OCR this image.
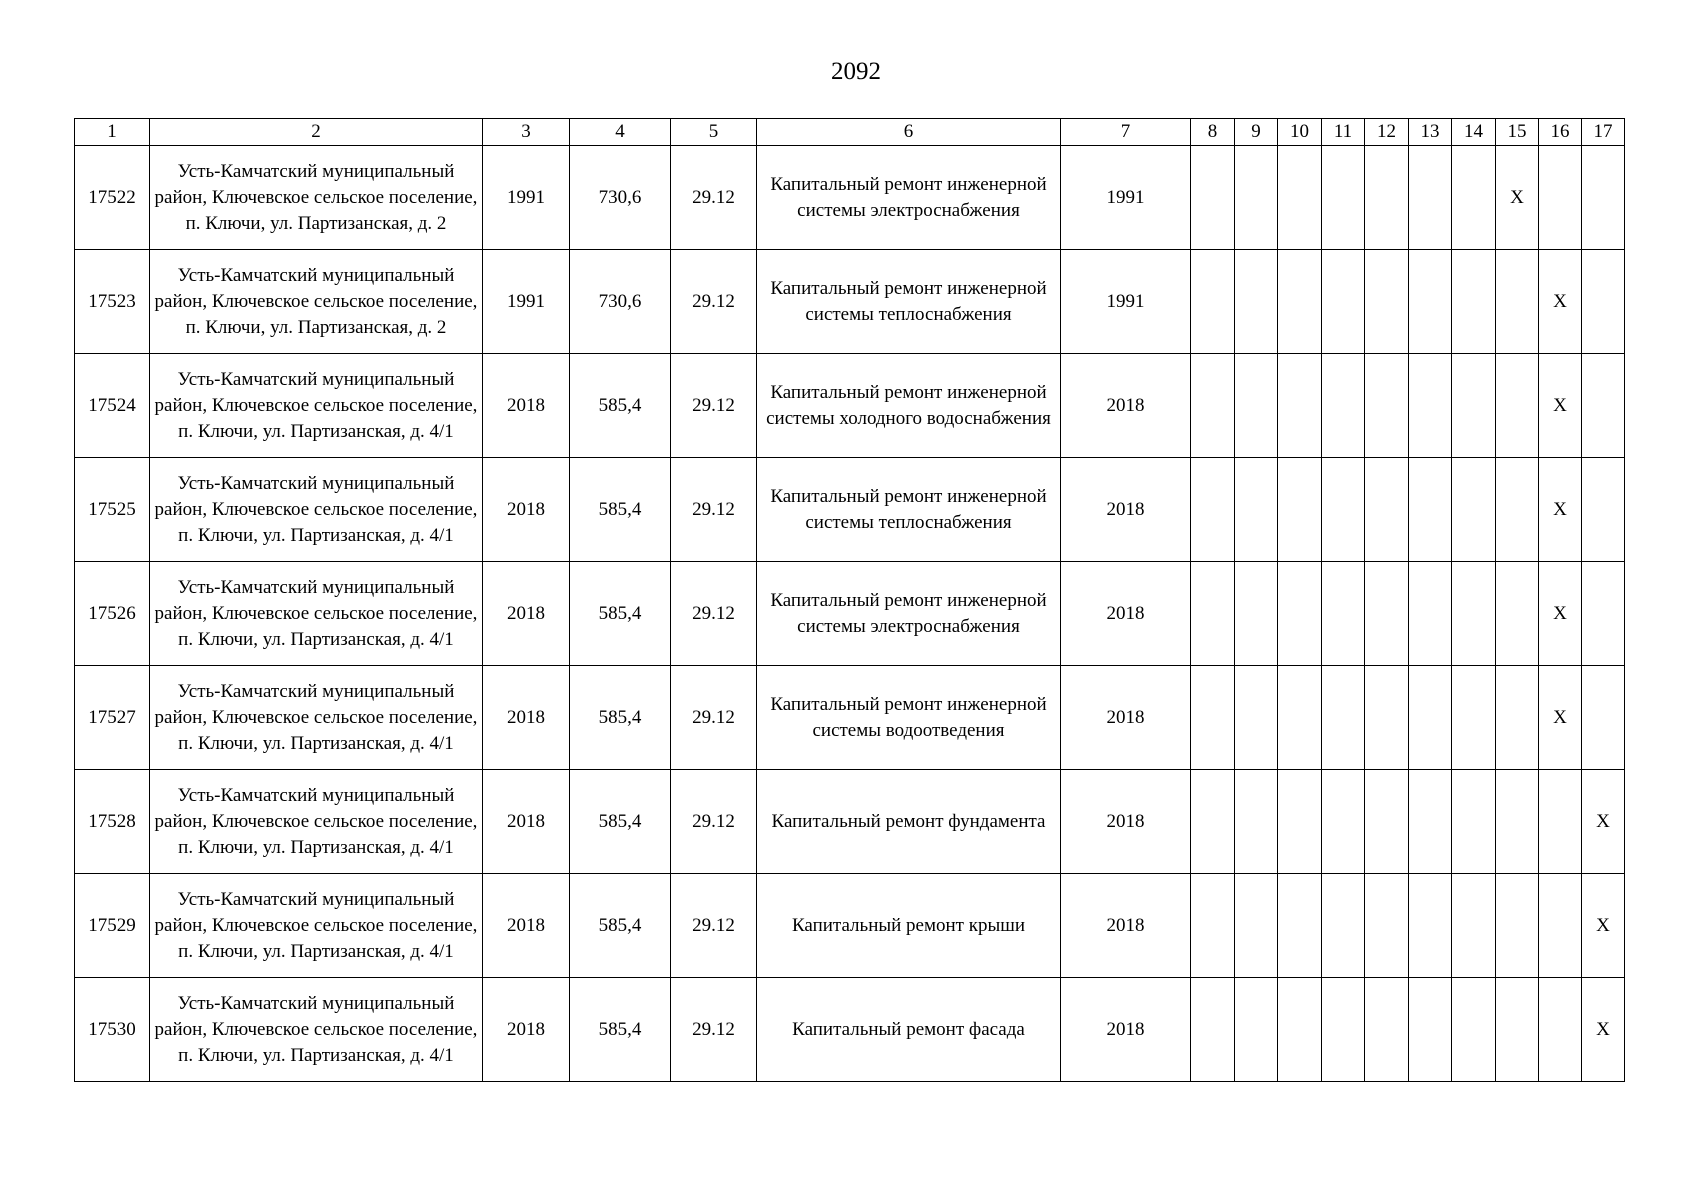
2092
1	2	3	4	5	6	7	8	9	10	11	12	13	14	15	16	17
17522	Усть-Камчатский муниципальный район, Ключевское сельское поселение, п. Ключи, ул. Партизанская, д. 2	1991	730,6	29.12	Капитальный ремонт инженерной системы электроснабжения	1991								X		
17523	Усть-Камчатский муниципальный район, Ключевское сельское поселение, п. Ключи, ул. Партизанская, д. 2	1991	730,6	29.12	Капитальный ремонт инженерной системы теплоснабжения	1991									X	
17524	Усть-Камчатский муниципальный район, Ключевское сельское поселение, п. Ключи, ул. Партизанская, д. 4/1	2018	585,4	29.12	Капитальный ремонт инженерной системы холодного водоснабжения	2018									X	
17525	Усть-Камчатский муниципальный район, Ключевское сельское поселение, п. Ключи, ул. Партизанская, д. 4/1	2018	585,4	29.12	Капитальный ремонт инженерной системы теплоснабжения	2018									X	
17526	Усть-Камчатский муниципальный район, Ключевское сельское поселение, п. Ключи, ул. Партизанская, д. 4/1	2018	585,4	29.12	Капитальный ремонт инженерной системы электроснабжения	2018									X	
17527	Усть-Камчатский муниципальный район, Ключевское сельское поселение, п. Ключи, ул. Партизанская, д. 4/1	2018	585,4	29.12	Капитальный ремонт инженерной системы водоотведения	2018									X	
17528	Усть-Камчатский муниципальный район, Ключевское сельское поселение, п. Ключи, ул. Партизанская, д. 4/1	2018	585,4	29.12	Капитальный ремонт фундамента	2018										X
17529	Усть-Камчатский муниципальный район, Ключевское сельское поселение, п. Ключи, ул. Партизанская, д. 4/1	2018	585,4	29.12	Капитальный ремонт крыши	2018										X
17530	Усть-Камчатский муниципальный район, Ключевское сельское поселение, п. Ключи, ул. Партизанская, д. 4/1	2018	585,4	29.12	Капитальный ремонт фасада	2018										X
